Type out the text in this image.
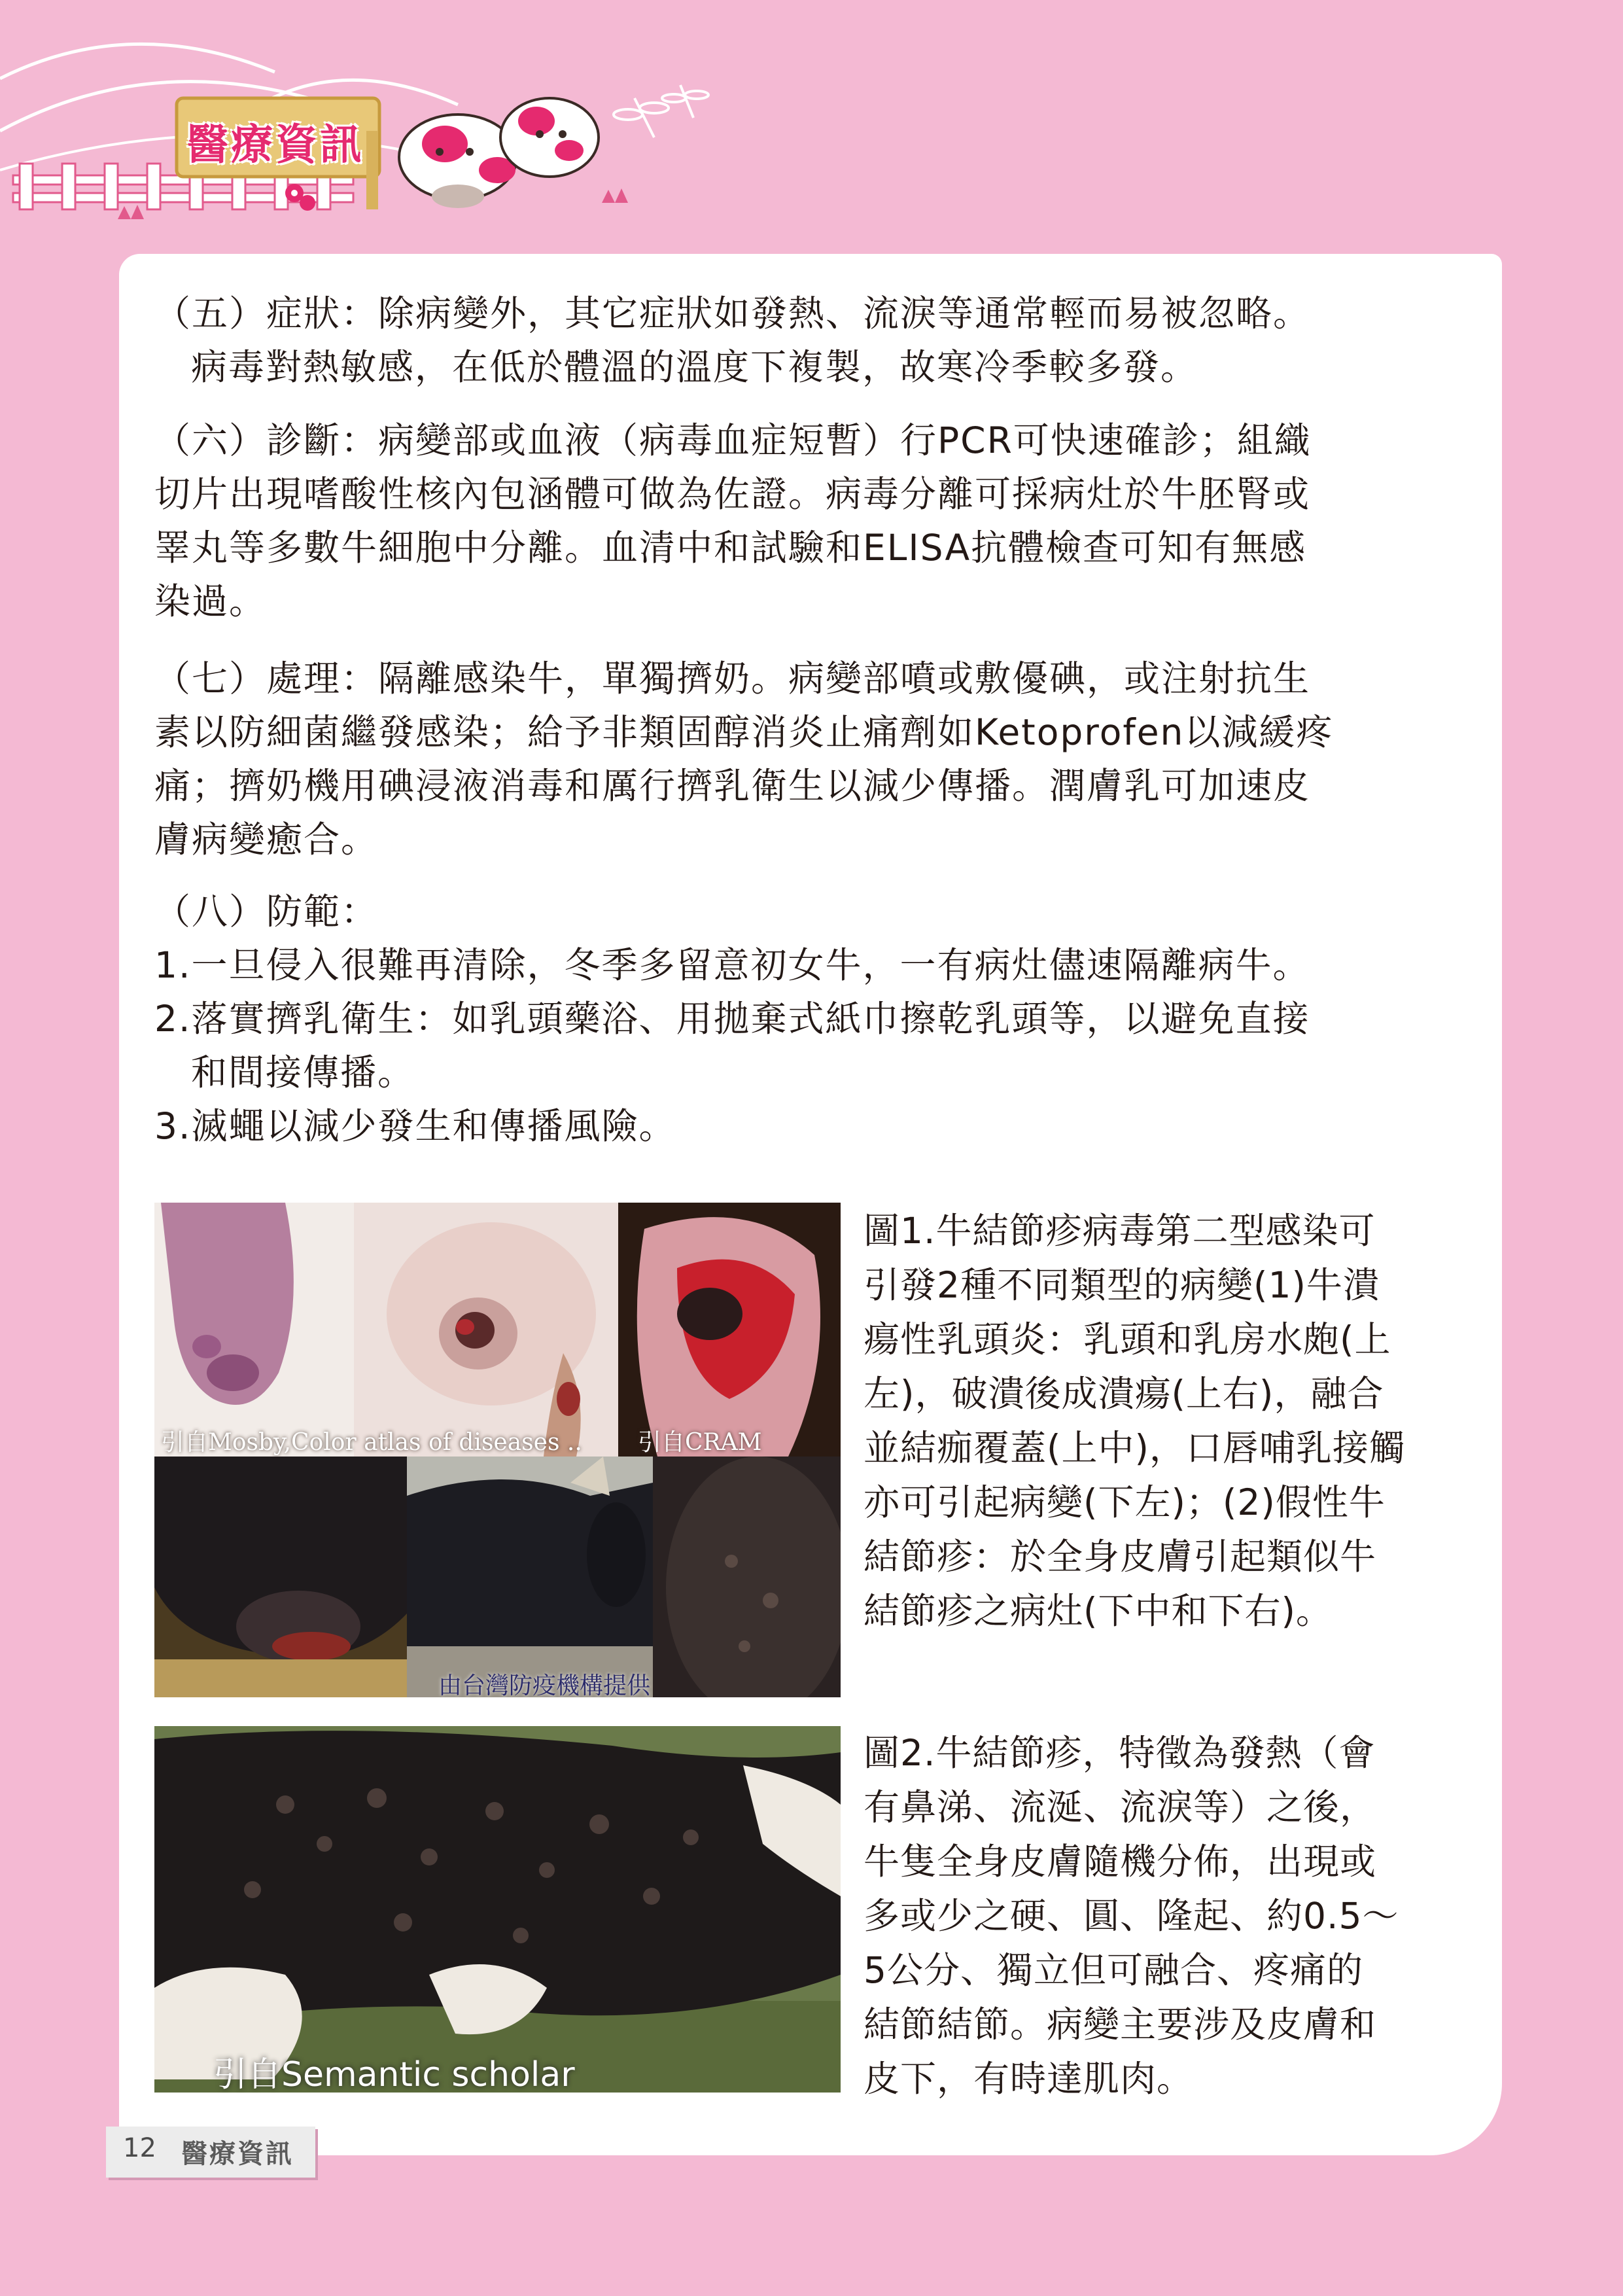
醫療資訊

（五）症狀：除病變外，其它症狀如發熱、流淚等通常輕而易被忽略。
病毒對熱敏感，在低於體溫的溫度下複製，故寒冷季較多發。

（六）診斷：病變部或血液（病毒血症短暫）行PCR可快速確診；組織
切片出現嗜酸性核內包涵體可做為佐證。病毒分離可採病灶於牛胚腎或
睪丸等多數牛細胞中分離。血清中和試驗和ELISA抗體檢查可知有無感
染過。

（七）處理：隔離感染牛，單獨擠奶。病變部噴或敷優碘，或注射抗生
素以防細菌繼發感染；給予非類固醇消炎止痛劑如Ketoprofen以減緩疼
痛；擠奶機用碘浸液消毒和厲行擠乳衛生以減少傳播。潤膚乳可加速皮
膚病變癒合。

（八）防範：
1.一旦侵入很難再清除，冬季多留意初女牛，一有病灶儘速隔離病牛。
2.落實擠乳衛生：如乳頭藥浴、用拋棄式紙巾擦乾乳頭等，以避免直接
和間接傳播。
3.滅蠅以減少發生和傳播風險。

引自Mosby,Color atlas of diseases .. 引自CRAM
由台灣防疫機構提供

圖1.牛結節疹病毒第二型感染可
引發2種不同類型的病變(1)牛潰
瘍性乳頭炎：乳頭和乳房水皰(上
左)，破潰後成潰瘍(上右)，融合
並結痂覆蓋(上中)，口唇哺乳接觸
亦可引起病變(下左)；(2)假性牛
結節疹：於全身皮膚引起類似牛
結節疹之病灶(下中和下右)。

引自Semantic scholar

圖2.牛結節疹，特徵為發熱（會
有鼻涕、流涎、流淚等）之後，
牛隻全身皮膚隨機分佈，出現或
多或少之硬、圓、隆起、約0.5～
5公分、獨立但可融合、疼痛的
結節結節。病變主要涉及皮膚和
皮下，有時達肌肉。

12 醫療資訊
